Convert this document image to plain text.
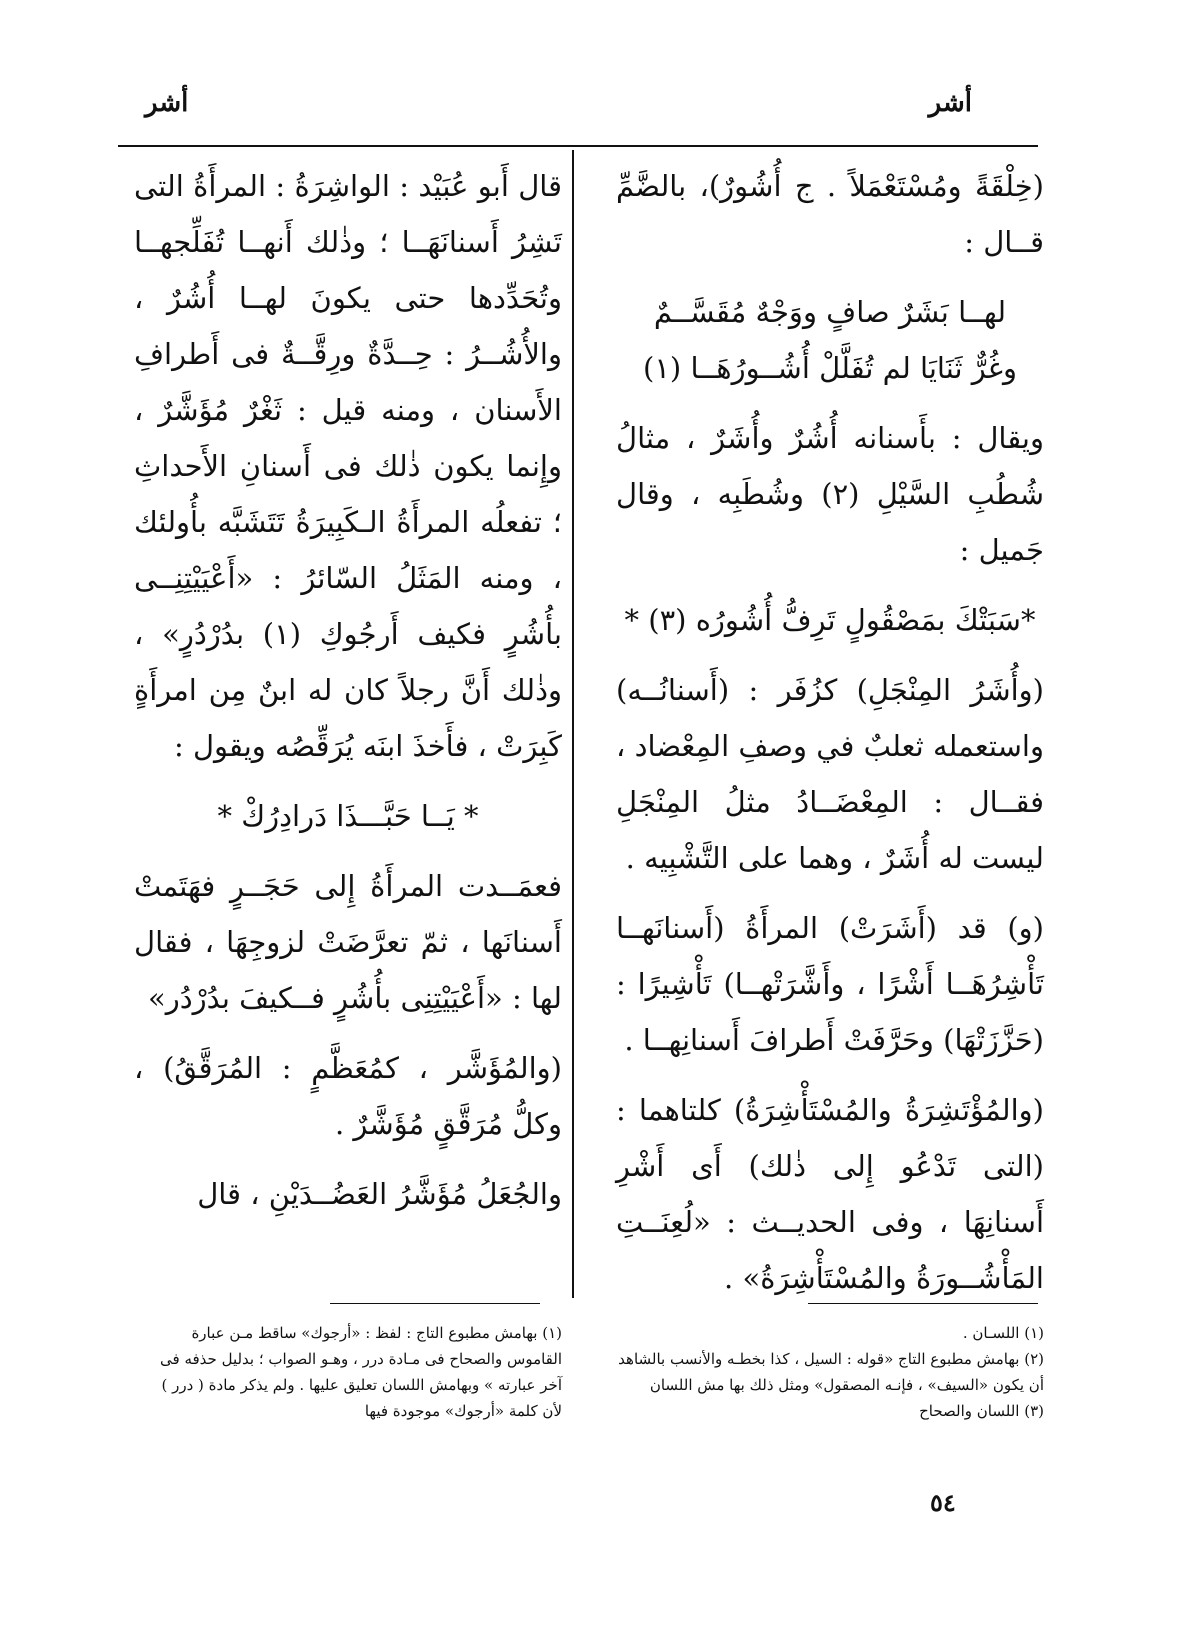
أشر
أشر

(خِلْقَةً ومُسْتَعْمَلاً . ج أُشُورٌ)، بالضَّمِّ قــال :

لهــا بَشَرٌ صافٍ ووَجْهٌ مُقَسَّــمٌ

وغُرٌّ ثَنَايَا لم تُفَلَّلْ أُشُــورُهَــا (١)

ويقال : بأَسنانه أُشُرٌ وأُشَرٌ ، مثالُ شُطُبِ السَّيْلِ (٢) وشُطَبِه ، وقال جَميل :

*سَبَتْكَ بمَصْقُولٍ تَرِفُّ أُشُورُه (٣) *

(وأُشَرُ المِنْجَلِ) كزُفَر : (أَسنانُــه) واستعمله ثعلبٌ في وصفِ المِعْضاد ، فقــال : المِعْضَــادُ مثلُ المِنْجَلِ ليست له أُشَرٌ ، وهما على التَّشْبِيه .

(و) قد (أَشَرَتْ) المرأَةُ (أَسنانَهــا تَأْشِرُهَــا أَشْرًا ، وأَشَّرَتْهــا) تَأْشِيرًا : (حَزَّزَتْهَا) وحَرَّفَتْ أَطرافَ أَسنانِهــا .

(والمُؤْتَشِرَةُ والمُسْتَأْشِرَةُ) كلتاهما : (التى تَدْعُو إِلى ذٰلك) أَى أَشْرِ أَسنانِهَا ، وفى الحديــث : «لُعِنَــتِ المَأْشُــورَةُ والمُسْتَأْشِرَةُ» .

قال أَبو عُبَيْد : الواشِرَةُ : المرأَةُ التى تَشِرُ أَسنانَهَــا ؛ وذٰلك أَنهــا تُفَلِّجهــا وتُحَدِّدها حتى يكونَ لهــا أُشُرٌ ، والأُشُــرُ : حِــدَّةٌ ورِقَّــةٌ فى أَطرافِ الأَسنان ، ومنه قيل : ثَغْرٌ مُؤَشَّرٌ ، وإِنما يكون ذٰلك فى أَسنانِ الأَحداثِ ؛ تفعلُه المرأَةُ الـكَبِيرَةُ تَتَشَبَّه بأُولئك ، ومنه المَثَلُ السّائرُ : «أَعْيَيْتِنِــى بأُشُرٍ فكيف أَرجُوكِ (١) بدُرْدُرٍ» ، وذٰلك أَنَّ رجلاً كان له ابنٌ مِن امرأَةٍ كَبِرَتْ ، فأَخذَ ابنَه يُرَقِّصُه ويقول :

* يَــا حَبَّـــذَا دَرادِرُكْ *

فعمَــدت المرأَةُ إِلى حَجَــرٍ فهَتَمتْ أَسنانَها ، ثمّ تعرَّضَتْ لزوجِهَا ، فقال لها : «أَعْيَيْتِنِى بأُشُرٍ فــكيفَ بدُرْدُر»

(والمُؤَشَّر ، كمُعَظَّمٍ : المُرَقَّقُ) ، وكلُّ مُرَقَّقٍ مُؤَشَّرٌ .

والجُعَلُ مُؤَشَّرُ العَضُــدَيْنِ ، قال

(١) اللسـان .

(٢) بهامش مطبوع التاج «قوله : السيل ، كذا بخطـه والأنسب بالشاهد أن يكون «السيف» ، فإنـه المصقول» ومثل ذلك بها مش اللسان

(٣) اللسان والصحاح

(١) بهامش مطبوع التاج : لفظ : «أرجوك» ساقط مـن عبارة القاموس والصحاح فى مـادة درر ، وهـو الصواب ؛ بدليل حذفه فى آخر عبارته » وبهامش اللسان تعليق عليها . ولم يذكر مادة ( درر ) لأن كلمة «أرجوك» موجودة فيها

٥٤
